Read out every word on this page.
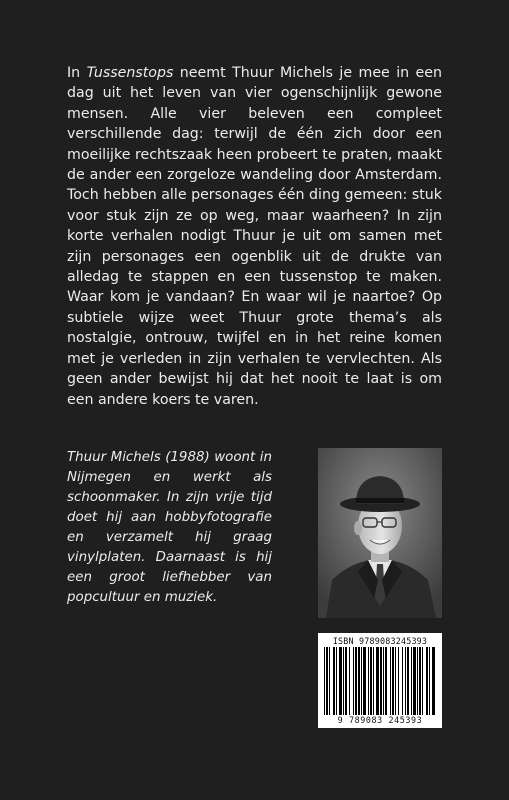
In Tussenstops neemt Thuur Michels je mee in een dag uit het leven van vier ogenschijnlijk gewone mensen. Alle vier beleven een compleet verschillende dag: terwijl de één zich door een moeilijke rechtszaak heen probeert te praten, maakt de ander een zorgeloze wandeling door Amsterdam. Toch hebben alle personages één ding gemeen: stuk voor stuk zijn ze op weg, maar waarheen? In zijn korte verhalen nodigt Thuur je uit om samen met zijn personages een ogenblik uit de drukte van alledag te stappen en een tussenstop te maken. Waar kom je vandaan? En waar wil je naartoe? Op subtiele wijze weet Thuur grote thema’s als nostalgie, ontrouw, twijfel en in het reine komen met je verleden in zijn verhalen te vervlechten. Als geen ander bewijst hij dat het nooit te laat is om een andere koers te varen.

Thuur Michels (1988) woont in Nijmegen en werkt als schoonmaker. In zijn vrije tijd doet hij aan hobbyfotografie en verzamelt hij graag vinylplaten. Daarnaast is hij een groot liefhebber van popcultuur en muziek.

ISBN 9789083245393
9 789083 245393
